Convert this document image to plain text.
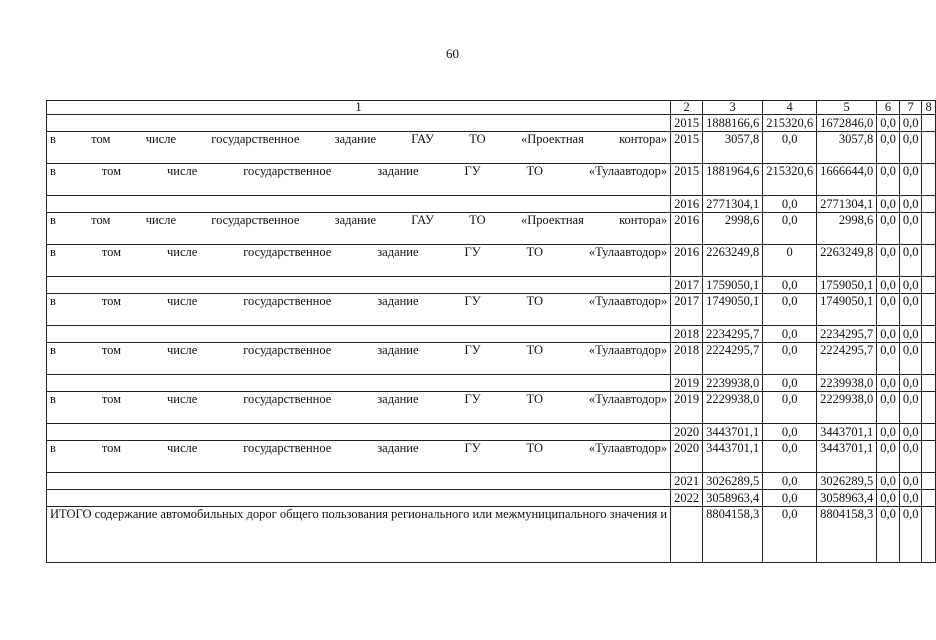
60
1	2	3	4	5	6	7	8
	2015	1888166,6	215320,6	1672846,0	0,0	0,0	
в том числе государственное задание ГАУ ТО «Проектная контора»	2015	3057,8	0,0	3057,8	0,0	0,0	
в том числе государственное задание ГУ ТО «Тулаавтодор»	2015	1881964,6	215320,6	1666644,0	0,0	0,0	
	2016	2771304,1	0,0	2771304,1	0,0	0,0	
в том числе государственное задание ГАУ ТО «Проектная контора»	2016	2998,6	0,0	2998,6	0,0	0,0	
в том числе государственное задание ГУ ТО «Тулаавтодор»	2016	2263249,8	0	2263249,8	0,0	0,0	
	2017	1759050,1	0,0	1759050,1	0,0	0,0	
в том числе государственное задание ГУ ТО «Тулаавтодор»	2017	1749050,1	0,0	1749050,1	0,0	0,0	
	2018	2234295,7	0,0	2234295,7	0,0	0,0	
в том числе государственное задание ГУ ТО «Тулаавтодор»	2018	2224295,7	0,0	2224295,7	0,0	0,0	
	2019	2239938,0	0,0	2239938,0	0,0	0,0	
в том числе государственное задание ГУ ТО «Тулаавтодор»	2019	2229938,0	0,0	2229938,0	0,0	0,0	
	2020	3443701,1	0,0	3443701,1	0,0	0,0	
в том числе государственное задание ГУ ТО «Тулаавтодор»	2020	3443701,1	0,0	3443701,1	0,0	0,0	
	2021	3026289,5	0,0	3026289,5	0,0	0,0	
	2022	3058963,4	0,0	3058963,4	0,0	0,0	
ИТОГО содержание автомобильных дорог общего пользования регионального или межмуниципального значения и		8804158,3	0,0	8804158,3	0,0	0,0	
